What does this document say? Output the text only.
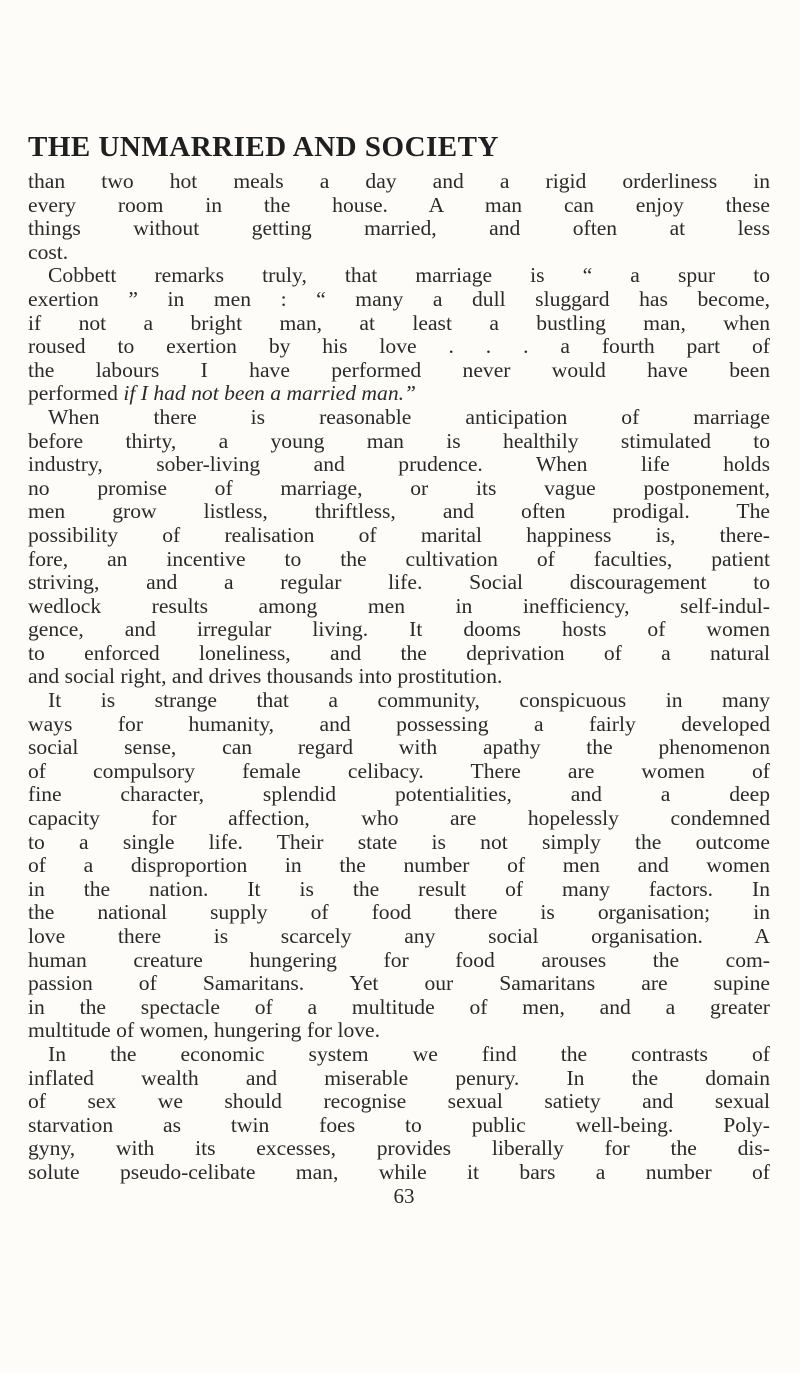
THE UNMARRIED AND SOCIETY
than two hot meals a day and a rigid orderliness in
every room in the house. A man can enjoy these
things without getting married, and often at less
cost.
Cobbett remarks truly, that marriage is “ a spur to
exertion ” in men : “ many a dull sluggard has become,
if not a bright man, at least a bustling man, when
roused to exertion by his love . . . a fourth part of
the labours I have performed never would have been
performed if I had not been a married man.”
When there is reasonable anticipation of marriage
before thirty, a young man is healthily stimulated to
industry, sober-living and prudence. When life holds
no promise of marriage, or its vague postponement,
men grow listless, thriftless, and often prodigal. The
possibility of realisation of marital happiness is, there-
fore, an incentive to the cultivation of faculties, patient
striving, and a regular life. Social discouragement to
wedlock results among men in inefficiency, self-indul-
gence, and irregular living. It dooms hosts of women
to enforced loneliness, and the deprivation of a natural
and social right, and drives thousands into prostitution.
It is strange that a community, conspicuous in many
ways for humanity, and possessing a fairly developed
social sense, can regard with apathy the phenomenon
of compulsory female celibacy. There are women of
fine character, splendid potentialities, and a deep
capacity for affection, who are hopelessly condemned
to a single life. Their state is not simply the outcome
of a disproportion in the number of men and women
in the nation. It is the result of many factors. In
the national supply of food there is organisation; in
love there is scarcely any social organisation. A
human creature hungering for food arouses the com-
passion of Samaritans. Yet our Samaritans are supine
in the spectacle of a multitude of men, and a greater
multitude of women, hungering for love.
In the economic system we find the contrasts of
inflated wealth and miserable penury. In the domain
of sex we should recognise sexual satiety and sexual
starvation as twin foes to public well-being. Poly-
gyny, with its excesses, provides liberally for the dis-
solute pseudo-celibate man, while it bars a number of
63
